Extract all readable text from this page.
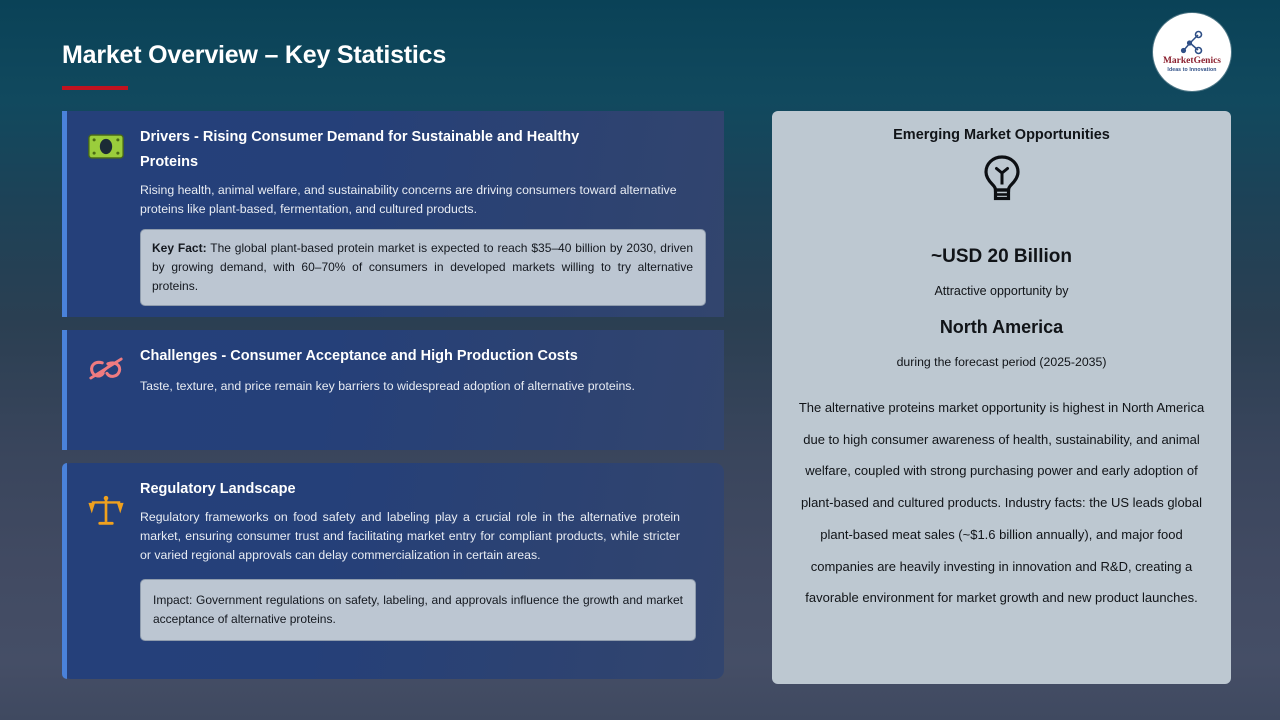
Market Overview – Key Statistics	MarketGenics
Ideas to Innovation
Drivers - Rising Consumer Demand for Sustainable and Healthy Proteins
Rising health, animal welfare, and sustainability concerns are driving consumers toward alternative proteins like plant-based, fermentation, and cultured products.
Key Fact: The global plant-based protein market is expected to reach $35–40 billion by 2030, driven by growing demand, with 60–70% of consumers in developed markets willing to try alternative proteins.
Challenges - Consumer Acceptance and High Production Costs
Taste, texture, and price remain key barriers to widespread adoption of alternative proteins.
Regulatory Landscape
Regulatory frameworks on food safety and labeling play a crucial role in the alternative protein market, ensuring consumer trust and facilitating market entry for compliant products, while stricter or varied regional approvals can delay commercialization in certain areas.
Impact: Government regulations on safety, labeling, and approvals influence the growth and market acceptance of alternative proteins.
Emerging Market Opportunities
~USD 20 Billion
Attractive opportunity by
North America
during the forecast period (2025-2035)
The alternative proteins market opportunity is highest in North America due to high consumer awareness of health, sustainability, and animal welfare, coupled with strong purchasing power and early adoption of plant-based and cultured products. Industry facts: the US leads global plant-based meat sales (~$1.6 billion annually), and major food companies are heavily investing in innovation and R&D, creating a favorable environment for market growth and new product launches.
